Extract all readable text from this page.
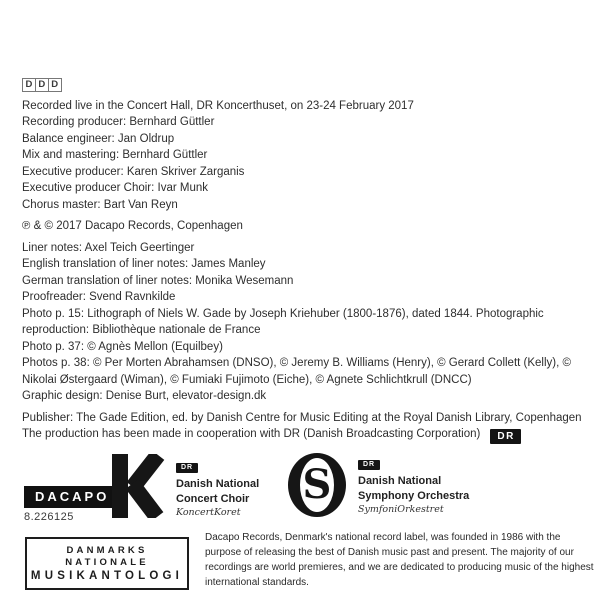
D D D
Recorded live in the Concert Hall, DR Koncerthuset, on 23-24 February 2017
Recording producer: Bernhard Güttler
Balance engineer: Jan Oldrup
Mix and mastering: Bernhard Güttler
Executive producer: Karen Skriver Zarganis
Executive producer Choir: Ivar Munk
Chorus master: Bart Van Reyn
℗ & © 2017 Dacapo Records, Copenhagen
Liner notes: Axel Teich Geertinger
English translation of liner notes: James Manley
German translation of liner notes: Monika Wesemann
Proofreader: Svend Ravnkilde
Photo p. 15: Lithograph of Niels W. Gade by Joseph Kriehuber (1800-1876), dated 1844. Photographic reproduction: Bibliothèque nationale de France
Photo p. 37: © Agnès Mellon (Equilbey)
Photos p. 38: © Per Morten Abrahamsen (DNSO), © Jeremy B. Williams (Henry), © Gerard Collett (Kelly), © Nikolai Østergaard (Wiman), © Fumiaki Fujimoto (Eiche), © Agnete Schlichtkrull (DNCC)
Graphic design: Denise Burt, elevator-design.dk
Publisher: The Gade Edition, ed. by Danish Centre for Music Editing at the Royal Danish Library, Copenhagen
The production has been made in cooperation with DR (Danish Broadcasting Corporation) DR
DACAPO
8.226125
DR
Danish National
Concert Choir
KoncertKoret
S	DR
Danish National
Symphony Orchestra
SymfoniOrkestret
DANMARKS NATIONALE
MUSIKANTOLOGI
Dacapo Records, Denmark's national record label, was founded in 1986 with the purpose of releasing the best of Danish music past and present. The majority of our recordings are world premieres, and we are dedicated to producing music of the highest international standards.
